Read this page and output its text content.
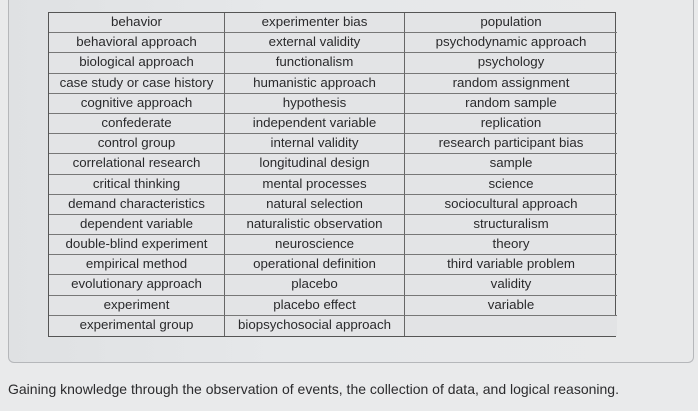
behavior	experimenter bias	population
behavioral approach	external validity	psychodynamic approach
biological approach	functionalism	psychology
case study or case history	humanistic approach	random assignment
cognitive approach	hypothesis	random sample
confederate	independent variable	replication
control group	internal validity	research participant bias
correlational research	longitudinal design	sample
critical thinking	mental processes	science
demand characteristics	natural selection	sociocultural approach
dependent variable	naturalistic observation	structuralism
double-blind experiment	neuroscience	theory
empirical method	operational definition	third variable problem
evolutionary approach	placebo	validity
experiment	placebo effect	variable
experimental group	biopsychosocial approach
Gaining knowledge through the observation of events, the collection of data, and logical reasoning.
